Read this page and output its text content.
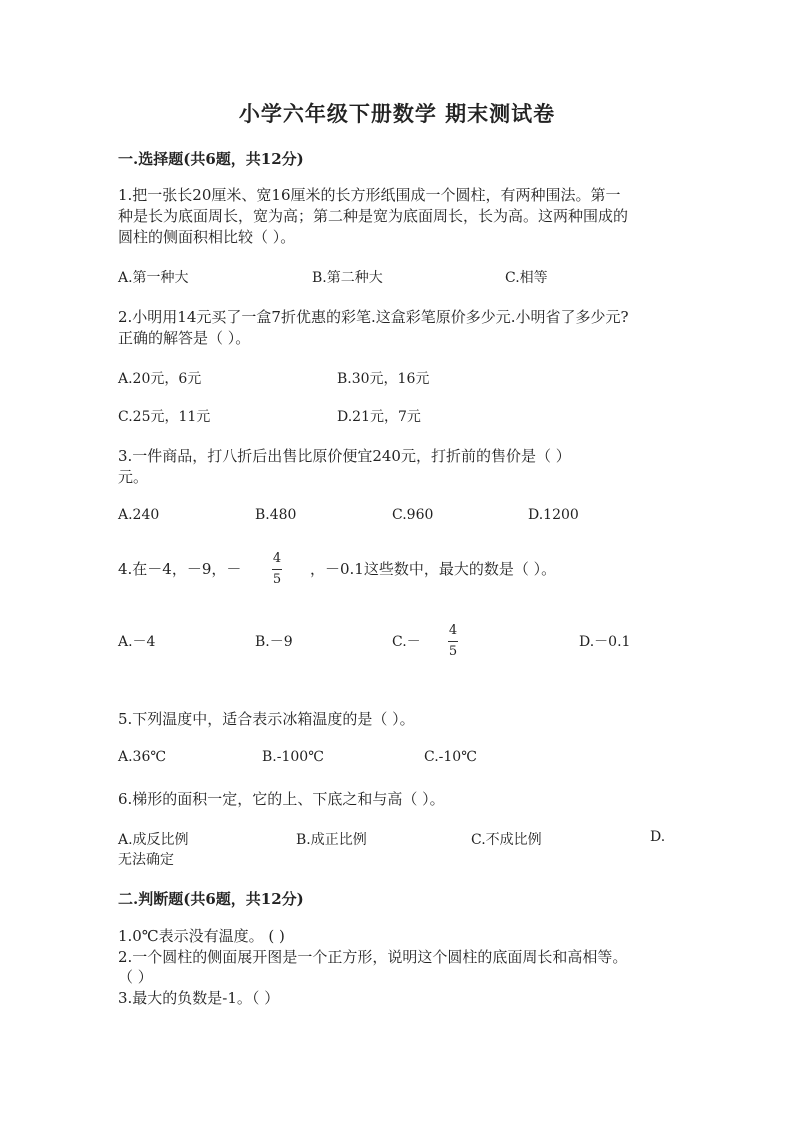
小学六年级下册数学 期末测试卷
一.选择题(共6题，共12分)
1.把一张长20厘米、宽16厘米的长方形纸围成一个圆柱，有两种围法。第一
种是长为底面周长，宽为高；第二种是宽为底面周长，长为高。这两种围成的
圆柱的侧面积相比较（ ）。
A.第一种大	B.第二种大	C.相等
2.小明用14元买了一盒7折优惠的彩笔.这盒彩笔原价多少元.小明省了多少元?
正确的解答是（ ）。
A.20元，6元	B.30元，16元
C.25元，11元	D.21元，7元
3.一件商品，打八折后出售比原价便宜240元，打折前的售价是（ ）
元。
A.240	B.480	C.960	D.1200
4.在－4，－9，－
4
5
，－0.1这些数中，最大的数是（ ）。
A.－4	B.－9	C.－
4
5
D.－0.1
5.下列温度中，适合表示冰箱温度的是（ ）。
A.36℃	B.-100℃	C.-10℃
6.梯形的面积一定，它的上、下底之和与高（ ）。
A.成反比例	B.成正比例	C.不成比例	D.
无法确定
二.判断题(共6题，共12分)
1.0℃表示没有温度。 ( )
2.一个圆柱的侧面展开图是一个正方形，说明这个圆柱的底面周长和高相等。
（ ）
3.最大的负数是-1。（ ）
